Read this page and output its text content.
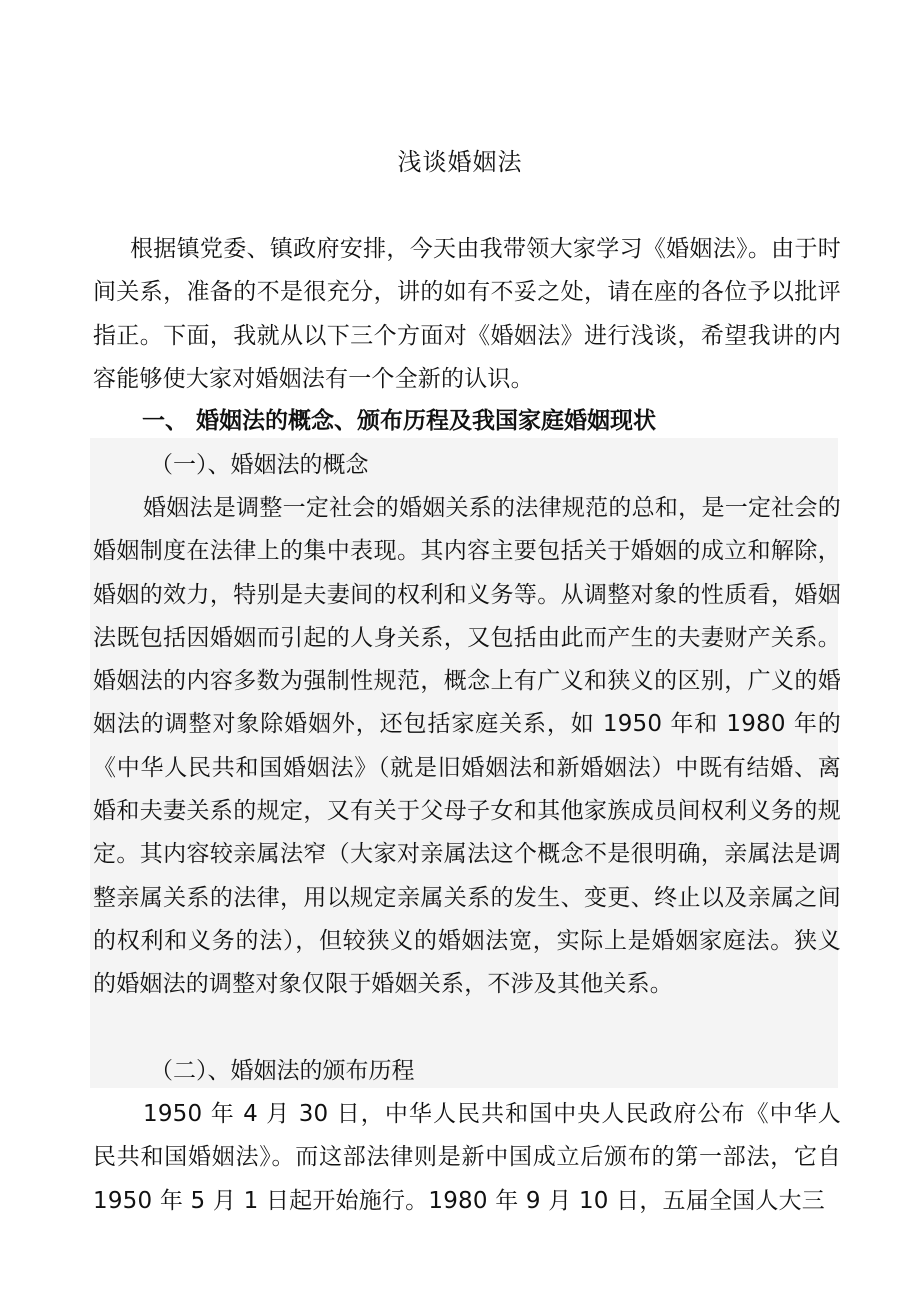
浅谈婚姻法

根据镇党委、镇政府安排，今天由我带领大家学习《婚姻法》。由于时间关系，准备的不是很充分，讲的如有不妥之处，请在座的各位予以批评指正。下面，我就从以下三个方面对《婚姻法》进行浅谈，希望我讲的内容能够使大家对婚姻法有一个全新的认识。

一、 婚姻法的概念、颁布历程及我国家庭婚姻现状

（一）、婚姻法的概念

婚姻法是调整一定社会的婚姻关系的法律规范的总和，是一定社会的婚姻制度在法律上的集中表现。其内容主要包括关于婚姻的成立和解除，婚姻的效力，特别是夫妻间的权利和义务等。从调整对象的性质看，婚姻法既包括因婚姻而引起的人身关系，又包括由此而产生的夫妻财产关系。婚姻法的内容多数为强制性规范，概念上有广义和狭义的区别，广义的婚姻法的调整对象除婚姻外，还包括家庭关系，如 1950 年和 1980 年的《中华人民共和国婚姻法》（就是旧婚姻法和新婚姻法）中既有结婚、离婚和夫妻关系的规定，又有关于父母子女和其他家族成员间权利义务的规定。其内容较亲属法窄（大家对亲属法这个概念不是很明确，亲属法是调整亲属关系的法律，用以规定亲属关系的发生、变更、终止以及亲属之间的权利和义务的法），但较狭义的婚姻法宽，实际上是婚姻家庭法。狭义的婚姻法的调整对象仅限于婚姻关系，不涉及其他关系。

（二）、婚姻法的颁布历程

1950 年 4 月 30 日，中华人民共和国中央人民政府公布《中华人民共和国婚姻法》。而这部法律则是新中国成立后颁布的第一部法，它自 1950 年 5 月 1 日起开始施行。1980 年 9 月 10 日，五届全国人大三
